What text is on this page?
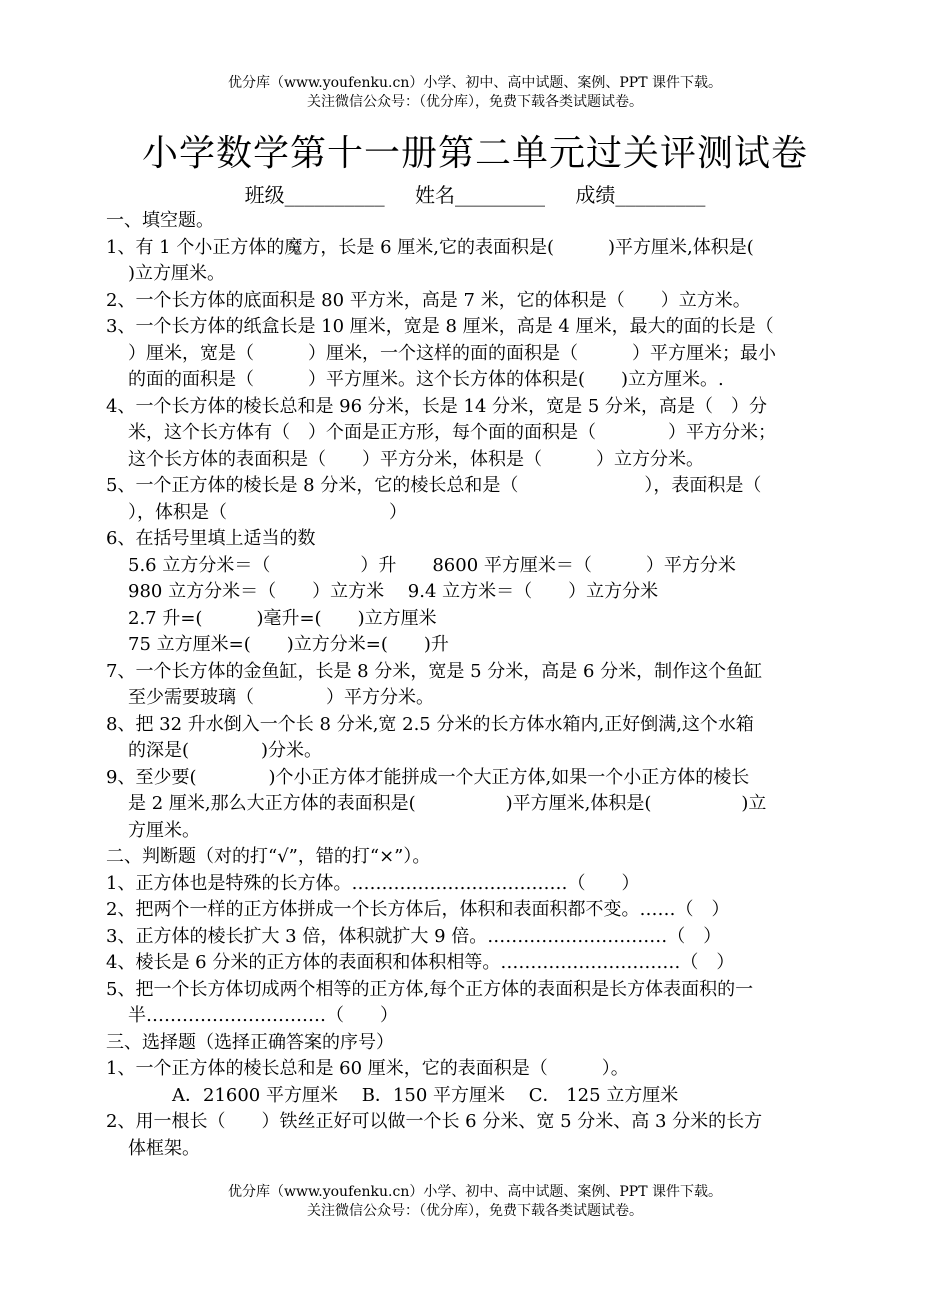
优分库（www.youfenku.cn）小学、初中、高中试题、案例、PPT 课件下载。
关注微信公众号：（优分库），免费下载各类试题试卷。
小学数学第十一册第二单元过关评测试卷
班级__________ 姓名_________ 成绩_________
一、填空题。
1、有 1 个小正方体的魔方，长是 6 厘米,它的表面积是(　　　)平方厘米,体积是(
)立方厘米。
2、一个长方体的底面积是 80 平方米，高是 7 米，它的体积是（　　）立方米。
3、一个长方体的纸盒长是 10 厘米，宽是 8 厘米，高是 4 厘米，最大的面的长是（
）厘米，宽是（　　　）厘米，一个这样的面的面积是（　　　）平方厘米；最小
的面的面积是（　　　）平方厘米。这个长方体的体积是(　　)立方厘米。.
4、一个长方体的棱长总和是 96 分米，长是 14 分米，宽是 5 分米，高是（　）分
米，这个长方体有（　）个面是正方形，每个面的面积是（　　　　）平方分米；
这个长方体的表面积是（　　）平方分米，体积是（　　　）立方分米。
5、一个正方体的棱长是 8 分米，它的棱长总和是（　　　　　　　），表面积是（
），体积是（　　　　　　　　　）
6、在括号里填上适当的数
5.6 立方分米＝（　　　　　）升　　8600 平方厘米＝（　　　）平方分米
980 立方分米＝（　　）立方米　 9.4 立方米＝（　　）立方分米
2.7 升=(　　　)毫升=(　　)立方厘米
75 立方厘米=(　　)立方分米=(　　)升
7、一个长方体的金鱼缸，长是 8 分米，宽是 5 分米，高是 6 分米，制作这个鱼缸
至少需要玻璃（　　　　）平方分米。
8、把 32 升水倒入一个长 8 分米,宽 2.5 分米的长方体水箱内,正好倒满,这个水箱
的深是(　　　　)分米。
9、至少要(　　　　)个小正方体才能拼成一个大正方体,如果一个小正方体的棱长
是 2 厘米,那么大正方体的表面积是(　　　　　)平方厘米,体积是(　　　　　)立
方厘米。
二、判断题（对的打“√”，错的打“×”）。
1、正方体也是特殊的长方体。………………………………（　　）
2、把两个一样的正方体拼成一个长方体后，体积和表面积都不变。……（　）
3、正方体的棱长扩大 3 倍，体积就扩大 9 倍。…………………………（　）
4、棱长是 6 分米的正方体的表面积和体积相等。…………………………（　）
5、把一个长方体切成两个相等的正方体,每个正方体的表面积是长方体表面积的一
半…………………………（　　）
三、选择题（选择正确答案的序号）
1、一个正方体的棱长总和是 60 厘米，它的表面积是（　　　）。
A．21600 平方厘米　 B．150 平方厘米　 C． 125 立方厘米
2、用一根长（　　）铁丝正好可以做一个长 6 分米、宽 5 分米、高 3 分米的长方
体框架。
优分库（www.youfenku.cn）小学、初中、高中试题、案例、PPT 课件下载。
关注微信公众号：（优分库），免费下载各类试题试卷。
